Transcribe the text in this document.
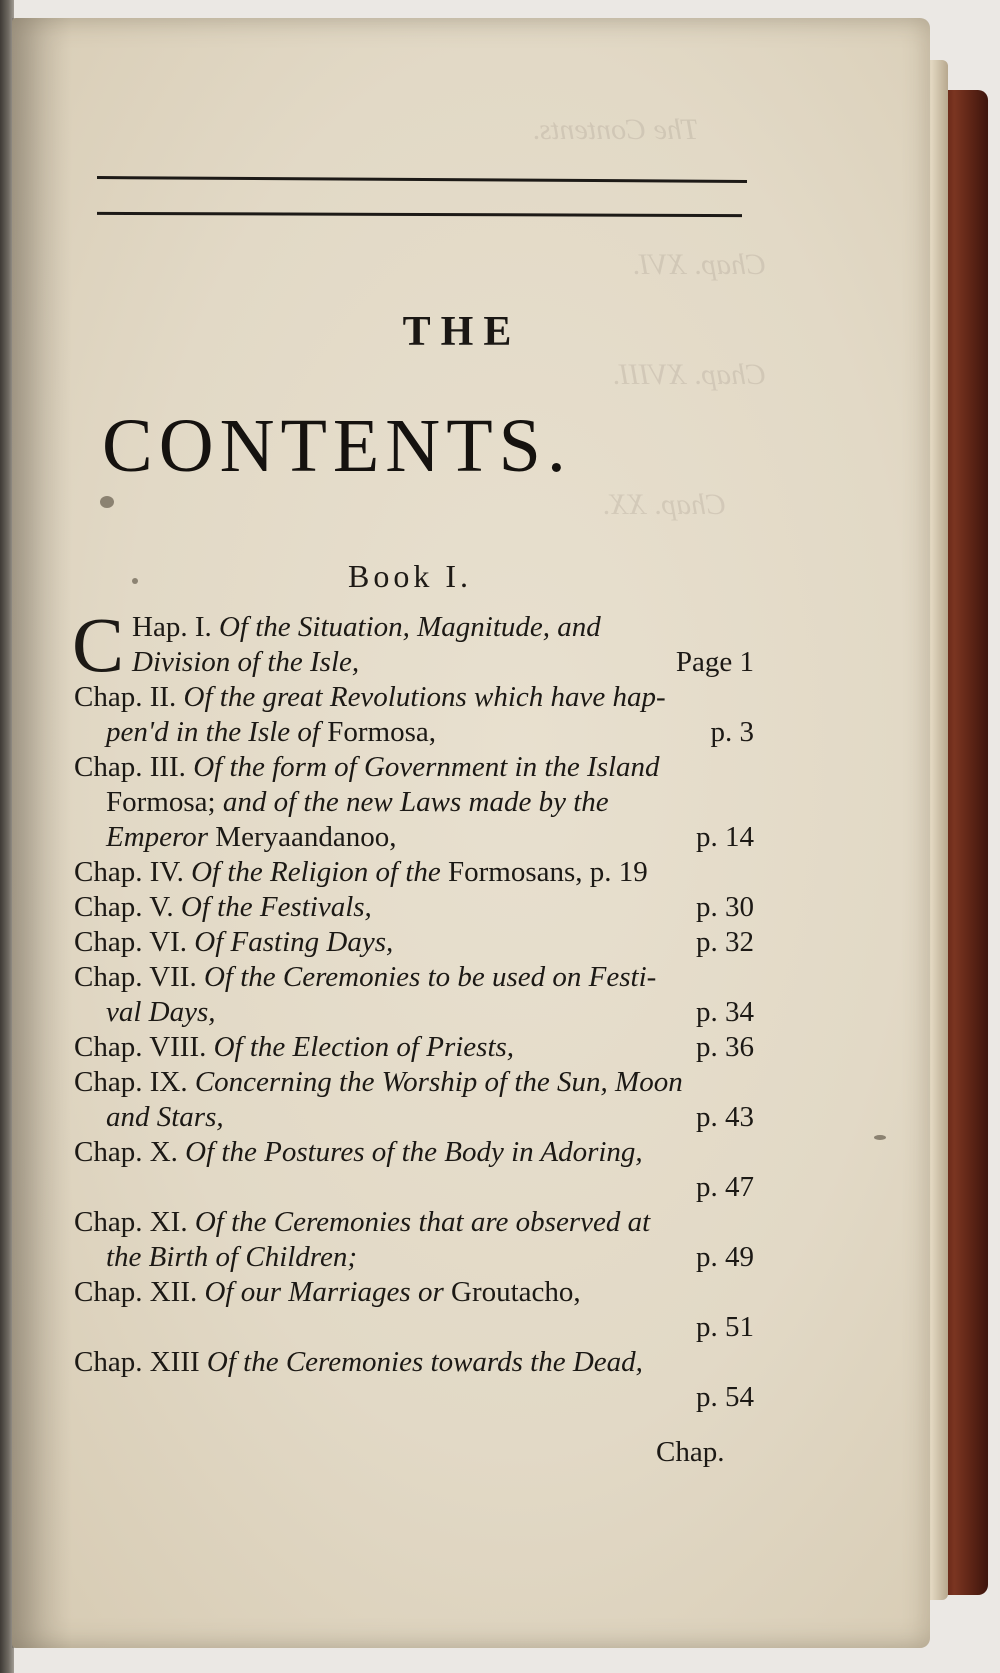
The Contents.
Chap. XVI.
Chap. XVIII.
Chap. XX.
THE
CONTENTS.
Book I.
C Hap. I. Of the Situation, Magnitude, and
Division of the Isle,	Page 1
Chap. II. Of the great Revolutions which have hap-
pen'd in the Isle of Formosa,	p. 3
Chap. III. Of the form of Government in the Island
Formosa; and of the new Laws made by the
Emperor Meryaandanoo,	p. 14
Chap. IV. Of the Religion of the Formosans, p. 19
Chap. V. Of the Festivals,	p. 30
Chap. VI. Of Fasting Days,	p. 32
Chap. VII. Of the Ceremonies to be used on Festi-
val Days,	p. 34
Chap. VIII. Of the Election of Priests,	p. 36
Chap. IX. Concerning the Worship of the Sun, Moon
and Stars,	p. 43
Chap. X. Of the Postures of the Body in Adoring,
p. 47
Chap. XI. Of the Ceremonies that are observed at
the Birth of Children;	p. 49
Chap. XII. Of our Marriages or Groutacho,
p. 51
Chap. XIII Of the Ceremonies towards the Dead,
p. 54
Chap.
